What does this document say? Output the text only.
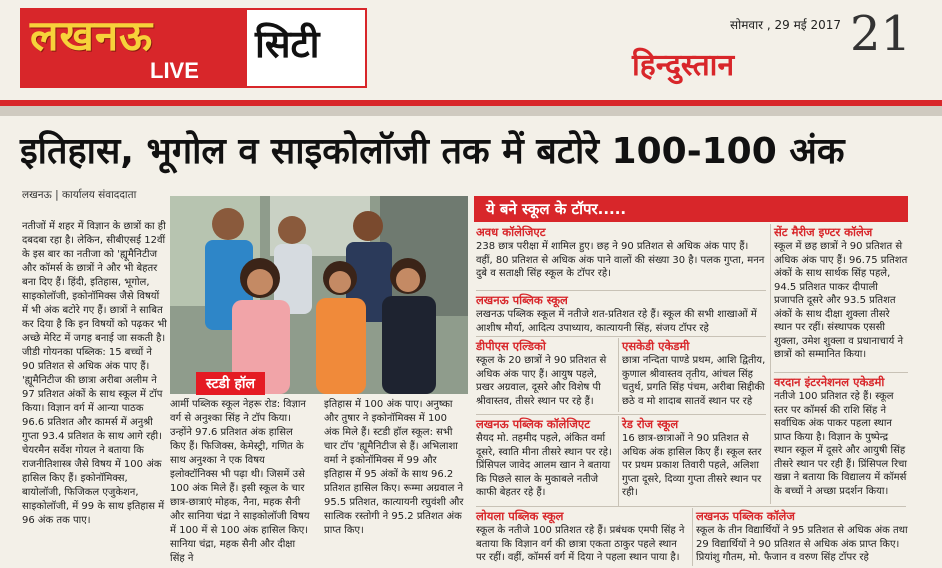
लखनऊ
LIVE
सिटी	सोमवार , 29 मई 2017 21
हिन्दुस्तान
इतिहास, भूगोल व साइकोलॉजी तक में बटोरे 100-100 अंक
लखनऊ | कार्यालय संवाददाता

नतीजों में शहर में विज्ञान के छात्रों का ही दबदबा रहा है। लेकिन, सीबीएसई 12वीं के इस बार का नतीजा को 'ह्यूमैनिटीज और कॉमर्स के छात्रों ने और भी बेहतर बना दिए हैं। हिंदी, इतिहास, भूगोल, साइकोलॉजी, इकोनॉमिक्स जैसे विषयों में भी अंक बटोरे गए हैं। छात्रों ने साबित कर दिया है कि इन विषयों को पढ़कर भी अच्छे मेरिट में जगह बनाई जा सकती है।

जीडी गोयनका पब्लिक: 15 बच्चों ने 90 प्रतिशत से अधिक अंक पाए हैं। 'ह्यूमैनिटीज की छात्रा अरीबा अलीम ने 97 प्रतिशत अंकों के साथ स्कूल में टॉप किया। विज्ञान वर्ग में आन्या पाठक 96.6 प्रतिशत और कामर्स में अनुश्री गुप्ता 93.4 प्रतिशत के साथ आगे रही। चेयरमैन सर्वेश गोयल ने बताया कि राजनीतिशास्त्र जैसे विषय में 100 अंक हासिल किए हैं। इकोनॉमिक्स, बायोलॉजी, फिजिकल एजुकेशन, साइकोलॉजी, में 99 के साथ इतिहास में 96 अंक तक पाए।

स्टडी हॉल

आर्मी पब्लिक स्कूल नेहरू रोड: विज्ञान वर्ग से अनुश्का सिंह ने टॉप किया। उन्होंने 97.6 प्रतिशत अंक हासिल किए हैं। फिजिक्स, केमेस्ट्री, गणित के साथ अनुश्का ने एक विषय इलोक्टॉनिक्स भी पढ़ा थी। जिसमें उसे 100 अंक मिले हैं। इसी स्कूल के चार छात्र-छात्राएं मोहक, नैना, महक सैनी और सानिया चंद्रा ने साइकोलॉजी विषय में 100 में से 100 अंक हासिल किए। सानिया चंद्रा, महक सैनी और दीक्षा सिंह ने

इतिहास में 100 अंक पाए। अनुष्का और तुषार ने इकोनॉमिक्स में 100 अंक मिले हैं। स्टडी हॉल स्कूल: सभी चार टॉप 'ह्यूमैनिटीज से हैं। अभिलाशा वर्मा ने इकोनॉमिक्स में 99 और इतिहास में 95 अंकों के साथ 96.2 प्रतिशत हासिल किए। रूम्मा अग्रवाल ने 95.5 प्रतिशत, कात्यायनी रघुवंशी और सात्विक रस्तोगी ने 95.2 प्रतिशत अंक प्राप्त किए।

ये बने स्कूल के टॉपर.....
अवध कॉलेजिएट
238 छात्र परीक्षा में शामिल हुए। छह ने 90 प्रतिशत से अधिक अंक पाए हैं। वहीं, 80 प्रतिशत से अधिक अंक पाने वालों की संख्या 30 है। पलक गुप्ता, मनन दुबे व सताक्षी सिंह स्कूल के टॉपर रहे।
लखनऊ पब्लिक स्कूल
लखनऊ पब्लिक स्कूल में नतीजे शत-प्रतिशत रहे हैं। स्कूल की सभी शाखाओं में आशीष मौर्या, आदित्य उपाध्याय, कात्यायनी सिंह, संजय टॉपर रहे
डीपीएस एल्डिको
स्कूल के 20 छात्रों ने 90 प्रतिशत से अधिक अंक पाए हैं। आयुष पहले, प्रखर अग्रवाल, दूसरे और विशेष पी श्रीवास्तव, तीसरे स्थान पर रहे हैं।
एसकेडी एकेडमी
छात्रा नन्दिता पाण्डे प्रथम, आशि द्वितीय, कुणाल श्रीवास्तव तृतीय, आंचल सिंह चतुर्थ, प्रगति सिंह पंचम, अरीबा सिद्दीकी छठे व मो शादाब सातवें स्थान पर रहे
लखनऊ पब्लिक कॉलेजिएट
सैयद मो. तहमीद पहले, अंकित वर्मा दूसरे, स्वाति मीना तीसरे स्थान पर रहे। प्रिंसिपल जावेद आलम खान ने बताया कि पिछले साल के मुकाबले नतीजे काफी बेहतर रहे हैं।
रेड रोज स्कूल
16 छात्र-छात्राओं ने 90 प्रतिशत से अधिक अंक हासिल किए हैं। स्कूल स्तर पर प्रथम प्रकाश तिवारी पहले, अलिशा गुप्ता दूसरे, दिव्या गुप्ता तीसरे स्थान पर रही।
लोयला पब्लिक स्कूल
स्कूल के नतीजे 100 प्रतिशत रहे हैं। प्रबंधक एमपी सिंह ने बताया कि विज्ञान वर्ग की छात्रा एकता ठाकुर पहले स्थान पर रहीं। वहीं, कॉमर्स वर्ग में दिया ने पहला स्थान पाया है।
लखनऊ पब्लिक कॉलेज
स्कूल के तीन विद्यार्थियों ने 95 प्रतिशत से अधिक अंक तथा 29 विद्यार्थियों ने 90 प्रतिशत से अधिक अंक प्राप्त किए। प्रियांशु गौतम, मो. फैजान व वरुण सिंह टॉपर रहे
सेंट मैरीज इण्टर कॉलेज
स्कूल में छह छात्रों ने 90 प्रतिशत से अधिक अंक पाए हैं। 96.75 प्रतिशत अंकों के साथ सार्थक सिंह पहले, 94.5 प्रतिशत पाकर दीपाली प्रजापति दूसरे और 93.5 प्रतिशत अंकों के साथ दीक्षा शुक्ला तीसरे स्थान पर रहीं। संस्थापक एससी शुक्ला, उमेश शुक्ला व प्रधानाचार्य ने छात्रों को सम्मानित किया।
वरदान इंटरनेशनल एकेडमी
नतीजे 100 प्रतिशत रहे हैं। स्कूल स्तर पर कॉमर्स की राशि सिंह ने सर्वाधिक अंक पाकर पहला स्थान प्राप्त किया है। विज्ञान के पुष्पेन्द्र स्थान स्कूल में दूसरे और आयुषी सिंह तीसरे स्थान पर रही हैं। प्रिंसिपल रिचा खन्ना ने बताया कि विद्यालय में कॉमर्स के बच्चों ने अच्छा प्रदर्शन किया।
